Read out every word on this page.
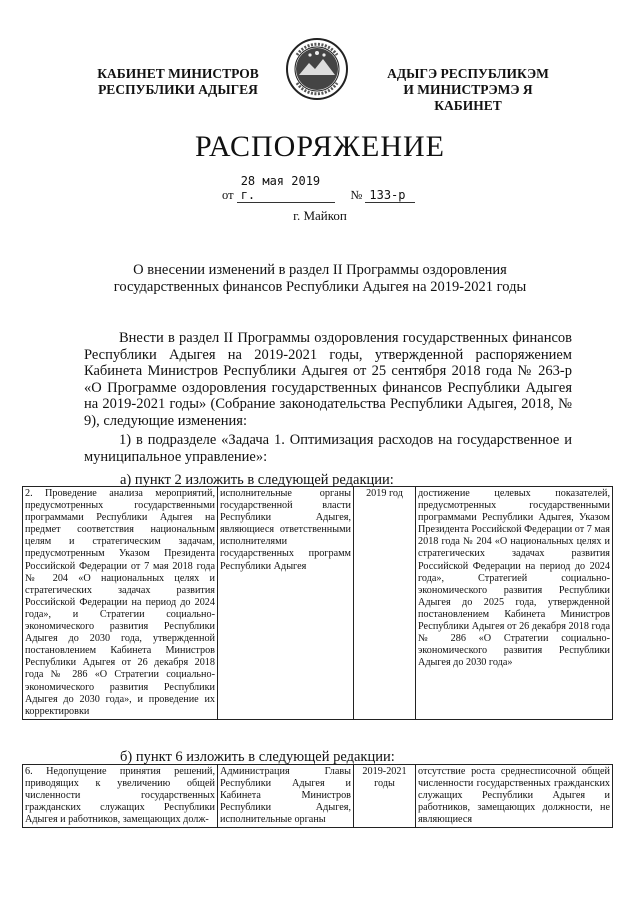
КАБИНЕТ МИНИСТРОВ
РЕСПУБЛИКИ АДЫГЕЯ
АДЫГЭ РЕСПУБЛИКЭМ
И МИНИСТРЭМЭ Я КАБИНЕТ
РАСПОРЯЖЕНИЕ
от 28 мая 2019 г.	№ 133-р
г. Майкоп
О внесении изменений в раздел II Программы оздоровления государственных финансов Республики Адыгея на 2019-2021 годы
Внести в раздел II Программы оздоровления государственных финансов Республики Адыгея на 2019-2021 годы, утвержденной распоряжением Кабинета Министров Республики Адыгея от 25 сентября 2018 года № 263-р «О Программе оздоровления государственных финансов Республики Адыгея на 2019-2021 годы» (Собрание законодательства Республики Адыгея, 2018, № 9), следующие изменения:
1) в подразделе «Задача 1. Оптимизация расходов на государственное и муниципальное управление»:
а) пункт 2 изложить в следующей редакции:
2. Проведение анализа мероприятий, предусмотренных государственными программами Республики Адыгея на предмет соответствия национальным целям и стратегическим задачам, предусмотренным Указом Президента Российской Федерации от 7 мая 2018 года № 204 «О национальных целях и стратегических задачах развития Российской Федерации на период до 2024 года», и Стратегии социально-экономического развития Республики Адыгея до 2030 года, утвержденной постановлением Кабинета Министров Республики Адыгея от 26 декабря 2018 года № 286 «О Стратегии социально-экономического развития Республики Адыгея до 2030 года», и проведение их корректировки	исполнительные органы государственной власти Республики Адыгея, являющиеся ответственными исполнителями государственных программ Республики Адыгея	2019 год	достижение целевых показателей, предусмотренных государственными программами Республики Адыгея, Указом Президента Российской Федерации от 7 мая 2018 года № 204 «О национальных целях и стратегических задачах развития Российской Федерации на период до 2024 года», Стратегией социально-экономического развития Республики Адыгея до 2025 года, утвержденной постановлением Кабинета Министров Республики Адыгея от 26 декабря 2018 года № 286 «О Стратегии социально-экономического развития Республики Адыгея до 2030 года»
б) пункт 6 изложить в следующей редакции:
6. Недопущение принятия решений, приводящих к увеличению общей численности государственных гражданских служащих Республики Адыгея и работников, замещающих долж-	Администрация Главы Республики Адыгея и Кабинета Министров Республики Адыгея, исполнительные органы	2019-2021 годы	отсутствие роста среднесписочной общей численности государственных гражданских служащих Республики Адыгея и работников, замещающих должности, не являющиеся
